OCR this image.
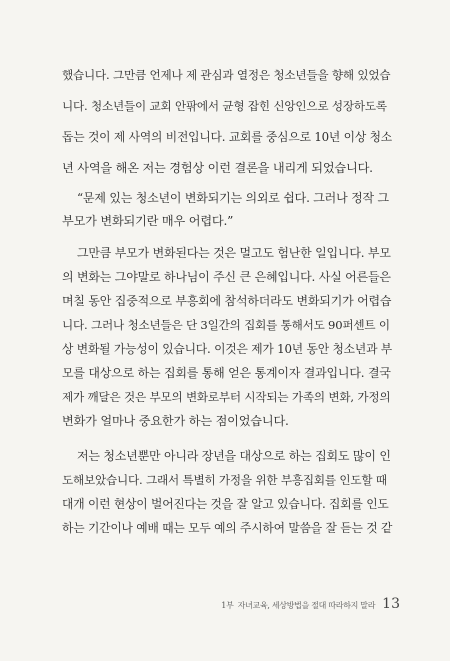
했습니다. 그만큼 언제나 제 관심과 열정은 청소년들을 향해 있었습
니다. 청소년들이 교회 안팎에서 균형 잡힌 신앙인으로 성장하도록
돕는 것이 제 사역의 비전입니다. 교회를 중심으로 10년 이상 청소
년 사역을 해온 저는 경험상 이런 결론을 내리게 되었습니다.
“문제 있는 청소년이 변화되기는 의외로 쉽다. 그러나 정작 그
부모가 변화되기란 매우 어렵다.”
그만큼 부모가 변화된다는 것은 멀고도 험난한 일입니다. 부모
의 변화는 그야말로 하나님이 주신 큰 은혜입니다. 사실 어른들은
며칠 동안 집중적으로 부흥회에 참석하더라도 변화되기가 어렵습
니다. 그러나 청소년들은 단 3일간의 집회를 통해서도 90퍼센트 이
상 변화될 가능성이 있습니다. 이것은 제가 10년 동안 청소년과 부
모를 대상으로 하는 집회를 통해 얻은 통계이자 결과입니다. 결국
제가 깨달은 것은 부모의 변화로부터 시작되는 가족의 변화, 가정의
변화가 얼마나 중요한가 하는 점이었습니다.
저는 청소년뿐만 아니라 장년을 대상으로 하는 집회도 많이 인
도해보았습니다. 그래서 특별히 가정을 위한 부흥집회를 인도할 때
대개 이런 현상이 벌어진다는 것을 잘 알고 있습니다. 집회를 인도
하는 기간이나 예배 때는 모두 예의 주시하여 말씀을 잘 듣는 것 같
1부 자녀교육, 세상방법을 절대 따라하지 말라 13
